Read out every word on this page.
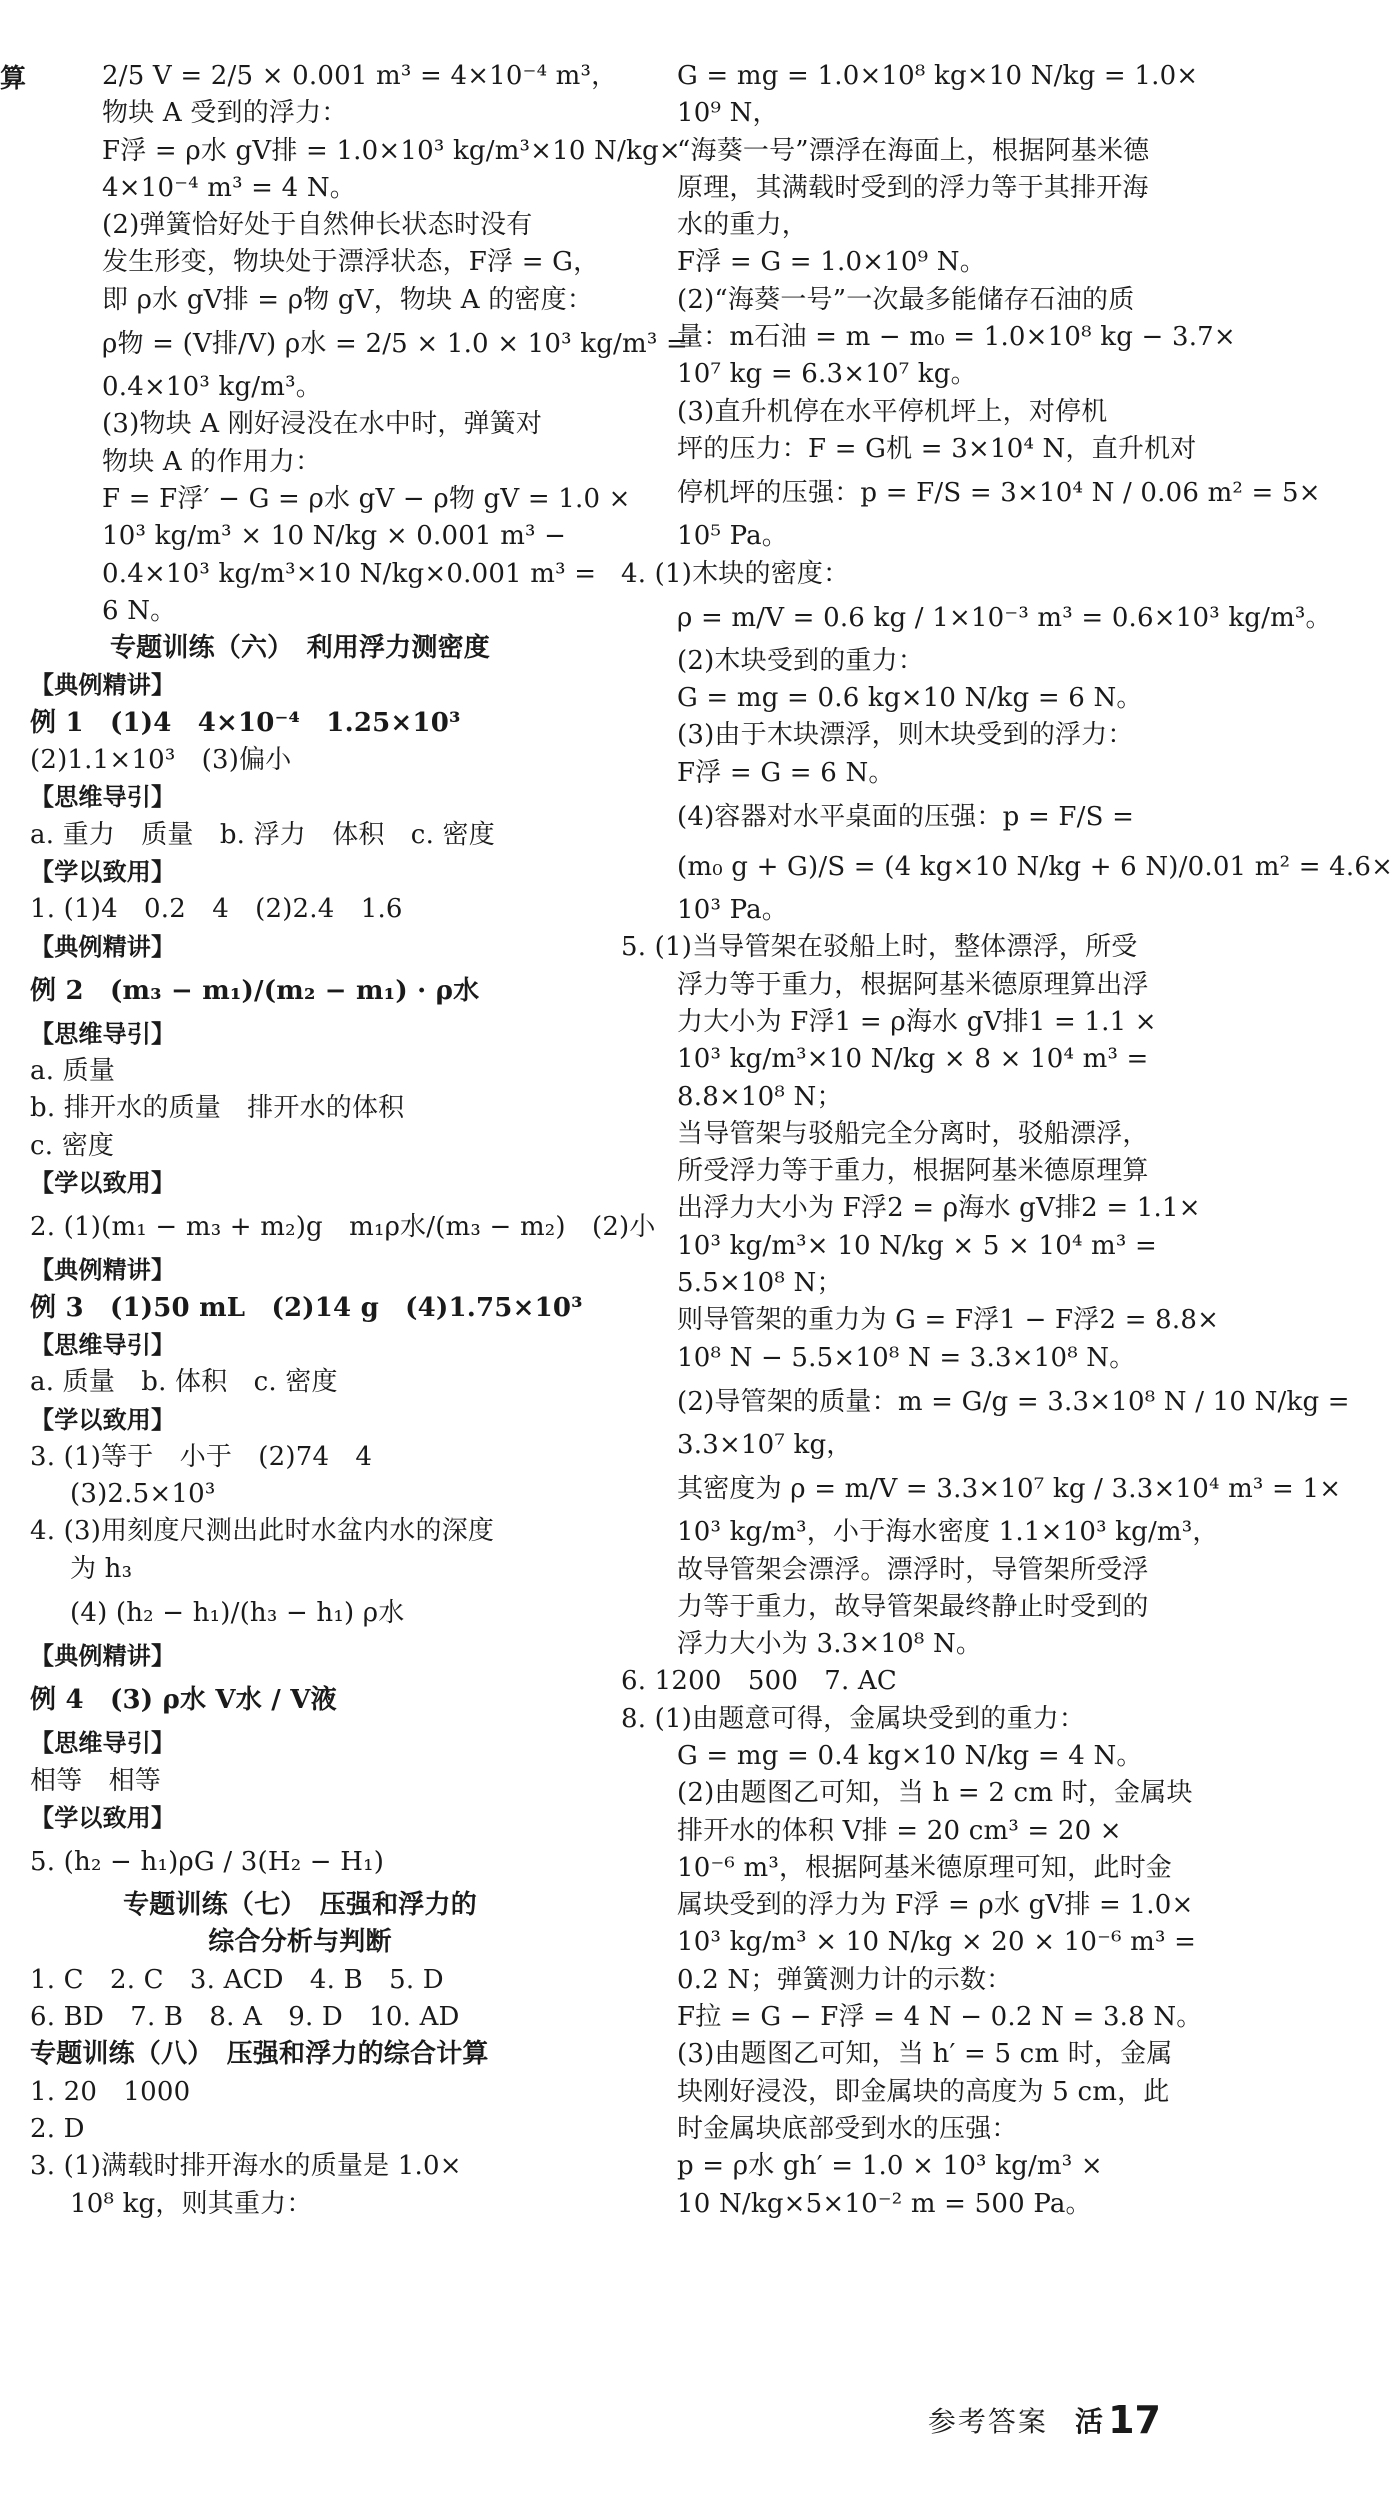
算	2/5 V = 2/5 × 0.001 m³ = 4×10⁻⁴ m³，
物块 A 受到的浮力：
F浮 = ρ水 gV排 = 1.0×10³ kg/m³×10 N/kg×
4×10⁻⁴ m³ = 4 N。
(2)弹簧恰好处于自然伸长状态时没有
发生形变，物块处于漂浮状态，F浮 = G，
即 ρ水 gV排 = ρ物 gV，物块 A 的密度：
ρ物 = (V排/V) ρ水 = 2/5 × 1.0 × 10³ kg/m³ =
0.4×10³ kg/m³。
(3)物块 A 刚好浸没在水中时，弹簧对
物块 A 的作用力：
F = F浮′ − G = ρ水 gV − ρ物 gV = 1.0 ×
10³ kg/m³ × 10 N/kg × 0.001 m³ −
0.4×10³ kg/m³×10 N/kg×0.001 m³ =
6 N。
专题训练（六）　利用浮力测密度
【典例精讲】
例 1　(1)4　4×10⁻⁴　1.25×10³
(2)1.1×10³　(3)偏小
【思维导引】
a. 重力　质量　b. 浮力　体积　c. 密度
【学以致用】
1. (1)4　0.2　4　(2)2.4　1.6
【典例精讲】
例 2　(m₃ − m₁)/(m₂ − m₁) · ρ水
【思维导引】
a. 质量
b. 排开水的质量　排开水的体积
c. 密度
【学以致用】
2. (1)(m₁ − m₃ + m₂)g　m₁ρ水/(m₃ − m₂)　(2)小
【典例精讲】
例 3　(1)50 mL　(2)14 g　(4)1.75×10³
【思维导引】
a. 质量　b. 体积　c. 密度
【学以致用】
3. (1)等于　小于　(2)74　4
(3)2.5×10³
4. (3)用刻度尺测出此时水盆内水的深度
为 h₃
(4) (h₂ − h₁)/(h₃ − h₁) ρ水
【典例精讲】
例 4　(3) ρ水 V水 / V液
【思维导引】
相等　相等
【学以致用】
5. (h₂ − h₁)ρG / 3(H₂ − H₁)
专题训练（七）　压强和浮力的
综合分析与判断
1. C　2. C　3. ACD　4. B　5. D
6. BD　7. B　8. A　9. D　10. AD
专题训练（八）　压强和浮力的综合计算
1. 20　1000
2. D
3. (1)满载时排开海水的质量是 1.0×
10⁸ kg，则其重力：
G = mg = 1.0×10⁸ kg×10 N/kg = 1.0×
10⁹ N，
“海葵一号”漂浮在海面上，根据阿基米德
原理，其满载时受到的浮力等于其排开海
水的重力，
F浮 = G = 1.0×10⁹ N。
(2)“海葵一号”一次最多能储存石油的质
量：m石油 = m − m₀ = 1.0×10⁸ kg − 3.7×
10⁷ kg = 6.3×10⁷ kg。
(3)直升机停在水平停机坪上，对停机
坪的压力：F = G机 = 3×10⁴ N，直升机对
停机坪的压强：p = F/S = 3×10⁴ N / 0.06 m² = 5×
10⁵ Pa。
4. (1)木块的密度：
ρ = m/V = 0.6 kg / 1×10⁻³ m³ = 0.6×10³ kg/m³。
(2)木块受到的重力：
G = mg = 0.6 kg×10 N/kg = 6 N。
(3)由于木块漂浮，则木块受到的浮力：
F浮 = G = 6 N。
(4)容器对水平桌面的压强：p = F/S =
(m₀ g + G)/S = (4 kg×10 N/kg + 6 N)/0.01 m² = 4.6×
10³ Pa。
5. (1)当导管架在驳船上时，整体漂浮，所受
浮力等于重力，根据阿基米德原理算出浮
力大小为 F浮1 = ρ海水 gV排1 = 1.1 ×
10³ kg/m³×10 N/kg × 8 × 10⁴ m³ =
8.8×10⁸ N；
当导管架与驳船完全分离时，驳船漂浮，
所受浮力等于重力，根据阿基米德原理算
出浮力大小为 F浮2 = ρ海水 gV排2 = 1.1×
10³ kg/m³× 10 N/kg × 5 × 10⁴ m³ =
5.5×10⁸ N；
则导管架的重力为 G = F浮1 − F浮2 = 8.8×
10⁸ N − 5.5×10⁸ N = 3.3×10⁸ N。
(2)导管架的质量：m = G/g = 3.3×10⁸ N / 10 N/kg =
3.3×10⁷ kg，
其密度为 ρ = m/V = 3.3×10⁷ kg / 3.3×10⁴ m³ = 1×
10³ kg/m³，小于海水密度 1.1×10³ kg/m³，
故导管架会漂浮。漂浮时，导管架所受浮
力等于重力，故导管架最终静止时受到的
浮力大小为 3.3×10⁸ N。
6. 1200　500　7. AC
8. (1)由题意可得，金属块受到的重力：
G = mg = 0.4 kg×10 N/kg = 4 N。
(2)由题图乙可知，当 h = 2 cm 时，金属块
排开水的体积 V排 = 20 cm³ = 20 ×
10⁻⁶ m³，根据阿基米德原理可知，此时金
属块受到的浮力为 F浮 = ρ水 gV排 = 1.0×
10³ kg/m³ × 10 N/kg × 20 × 10⁻⁶ m³ =
0.2 N；弹簧测力计的示数：
F拉 = G − F浮 = 4 N − 0.2 N = 3.8 N。
(3)由题图乙可知，当 h′ = 5 cm 时，金属
块刚好浸没，即金属块的高度为 5 cm，此
时金属块底部受到水的压强：
p = ρ水 gh′ = 1.0 × 10³ kg/m³ ×
10 N/kg×5×10⁻² m = 500 Pa。
参考答案 活 17
